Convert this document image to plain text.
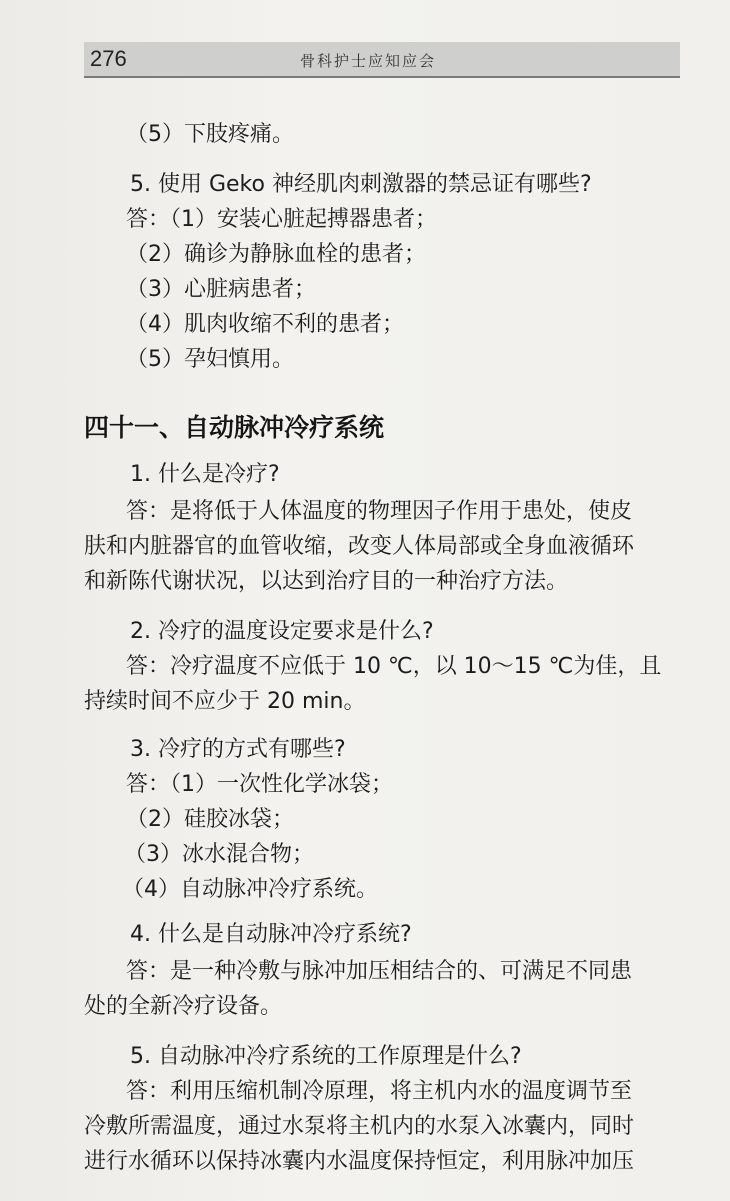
276	骨科护士应知应会
（5）下肢疼痛。
5. 使用 Geko 神经肌肉刺激器的禁忌证有哪些?
答：（1）安装心脏起搏器患者；
（2）确诊为静脉血栓的患者；
（3）心脏病患者；
（4）肌肉收缩不利的患者；
（5）孕妇慎用。
四十一、自动脉冲冷疗系统
1. 什么是冷疗?
答：是将低于人体温度的物理因子作用于患处，使皮
肤和内脏器官的血管收缩，改变人体局部或全身血液循环
和新陈代谢状况，以达到治疗目的一种治疗方法。
2. 冷疗的温度设定要求是什么?
答：冷疗温度不应低于 10 ℃，以 10～15 ℃为佳，且
持续时间不应少于 20 min。
3. 冷疗的方式有哪些?
答：（1）一次性化学冰袋；
（2）硅胶冰袋；
（3）冰水混合物；
（4）自动脉冲冷疗系统。
4. 什么是自动脉冲冷疗系统?
答：是一种冷敷与脉冲加压相结合的、可满足不同患
处的全新冷疗设备。
5. 自动脉冲冷疗系统的工作原理是什么?
答：利用压缩机制冷原理，将主机内水的温度调节至
冷敷所需温度，通过水泵将主机内的水泵入冰囊内，同时
进行水循环以保持冰囊内水温度保持恒定，利用脉冲加压
